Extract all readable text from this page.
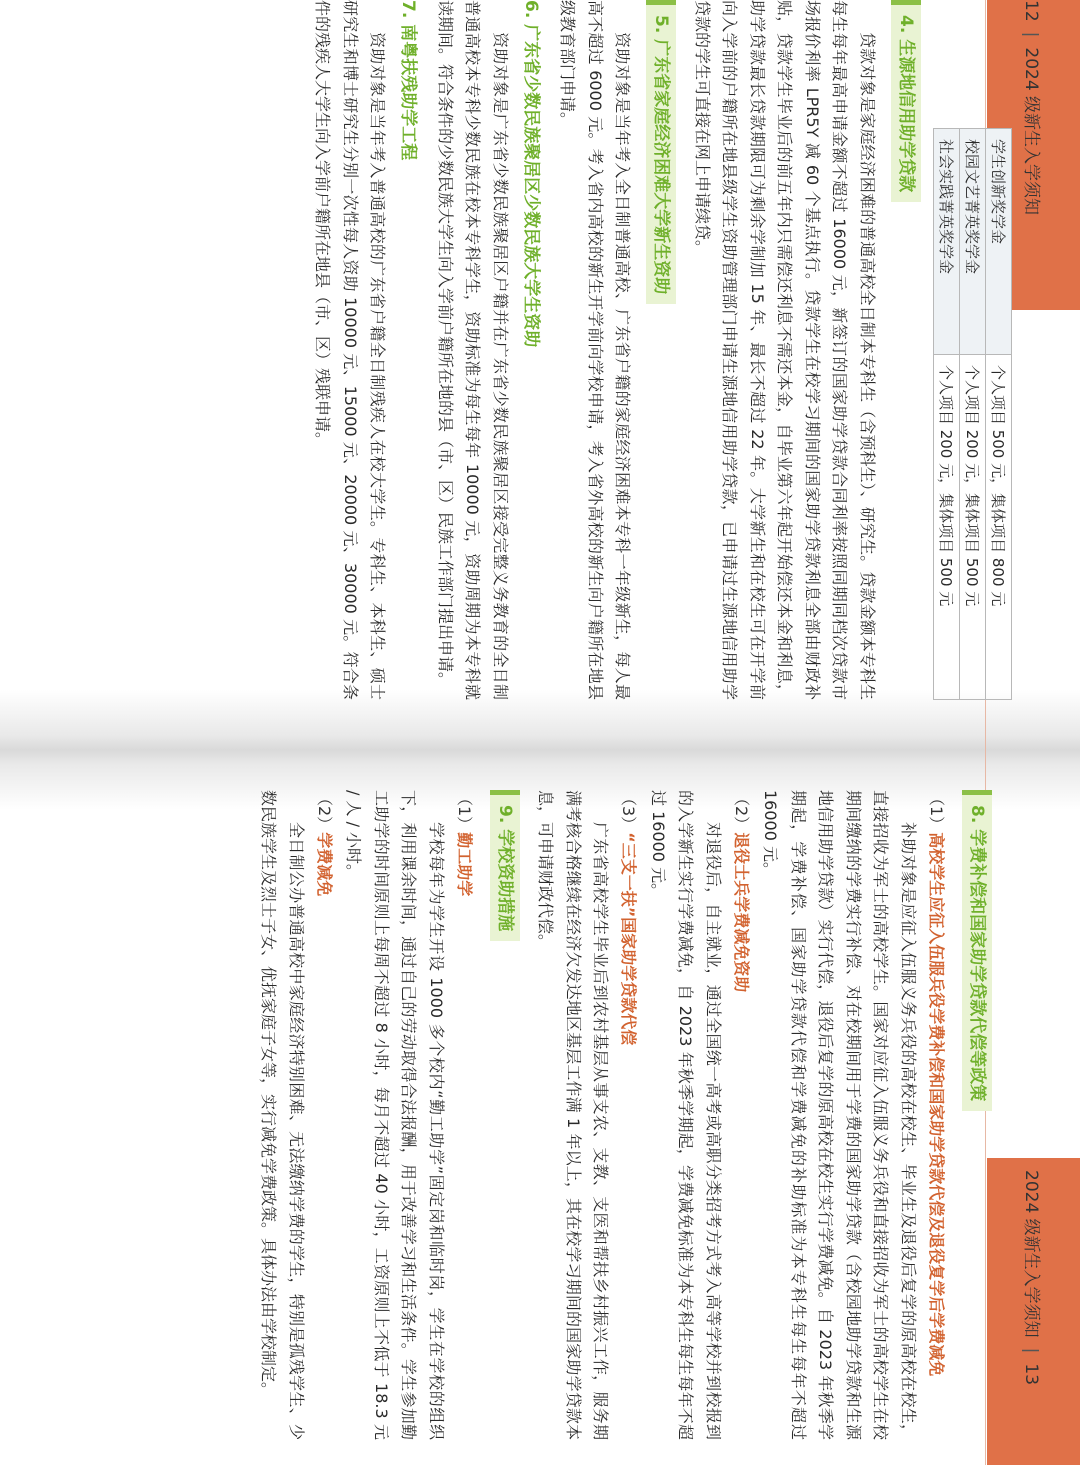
12|2024 级新生入学须知
学生创新奖学金	个人项目 500 元，集体项目 800 元
校园文艺菁英奖学金	个人项目 200 元，集体项目 500 元
社会实践菁英奖学金	个人项目 200 元，集体项目 500 元
4. 生源地信用助学贷款

贷款对象是家庭经济困难的普通高校全日制本专科生（含预科生）、研究生。贷款金额本专科生每生每年最高申请金额不超过 16000 元，新签订的国家助学贷款合同利率按照同期同档次贷款市场报价利率 LPR5Y 减 60 个基点执行。贷款学生在校学习期间的国家助学贷款利息全部由财政补贴，贷款学生毕业后的前五年内只需偿还利息不需还本金，自毕业第六年起开始偿还本金和利息，助学贷款最长贷款期限可为剩余学制加 15 年、最长不超过 22 年。大学新生和在校生可在开学前向入学前的户籍所在地县级学生资助管理部门申请生源地信用助学贷款，已申请过生源地信用助学贷款的学生可直接在网上申请续贷。

5. 广东省家庭经济困难大学新生资助

资助对象是当年考入全日制普通高校、广东省户籍的家庭经济困难本专科一年级新生，每人最高不超过 6000 元。考入省内高校的新生开学前向学校申请，考入省外高校的新生向户籍所在地县级教育部门申请。

6. 广东省少数民族聚居区少数民族大学生资助

资助对象是广东省少数民族聚居区户籍并在广东省少数民族聚居区接受完整义务教育的全日制普通高校本专科少数民族在校本专科学生，资助标准为每生每年 10000 元，资助周期为本专科就读期间。符合条件的少数民族大学生向入学前户籍所在地的县（市、区）民族工作部门提出申请。

7. 南粤扶残助学工程

资助对象是当年考入普通高校的广东省户籍全日制残疾人在校大学生。专科生、本科生、硕士研究生和博士研究生分别一次性每人资助 10000 元、15000 元、20000 元、30000 元。符合条件的残疾人大学生向入学前户籍所在地县（市、区）残联申请。

2024 级新生入学须知|13
8. 学费补偿和国家助学贷款代偿等政策
（1）高校学生应征入伍服兵役学费补偿和国家助学贷款代偿及退役复学后学费减免

补助对象是应征入伍服义务兵役的高校在校生、毕业生及退役后复学的原高校在校生，直接招收为军士的高校学生。国家对应征入伍服义务兵役和直接招收为军士的高校学生在校期间缴纳的学费实行补偿、对在校期间用于学费的国家助学贷款（含校园地助学贷款和生源地信用助学贷款）实行代偿，退役后复学的原高校在校生实行学费减免。自 2023 年秋季学期起，学费补偿、国家助学贷款代偿和学费减免的补助标准为本专科生每生每年不超过 16000 元。

（2）退役士兵学费减免资助

对退役后，自主就业，通过全国统一高考或高职分类招考方式考入高等学校并到校报到的入学新生实行学费减免，自 2023 年秋季学期起，学费减免标准为本专科生每生每年不超过 16000 元。

（3）“三支一扶”国家助学贷款代偿

广东省高校学生毕业后到农村基层从事支农、支教、支医和帮扶乡村振兴工作，服务期满考核合格继续在经济欠发达地区基层工作满 1 年以上，其在校学习期间的国家助学贷款本息，可申请财政代偿。

9. 学校资助措施
（1）勤工助学

学校每年为学生开设 1000 多个校内“勤工助学”固定岗和临时岗，学生在学校的组织下，利用课余时间，通过自己的劳动取得合法报酬，用于改善学习和生活条件。学生参加勤工助学的时间原则上每周不超过 8 小时，每月不超过 40 小时，工资原则上不低于 18.3 元 / 人 / 小时。

（2）学费减免

全日制公办普通高校中家庭经济特别困难、无法缴纳学费的学生，特别是孤残学生、少数民族学生及烈士子女、优抚家庭子女等，实行减免学费政策。具体办法由学校制定。
